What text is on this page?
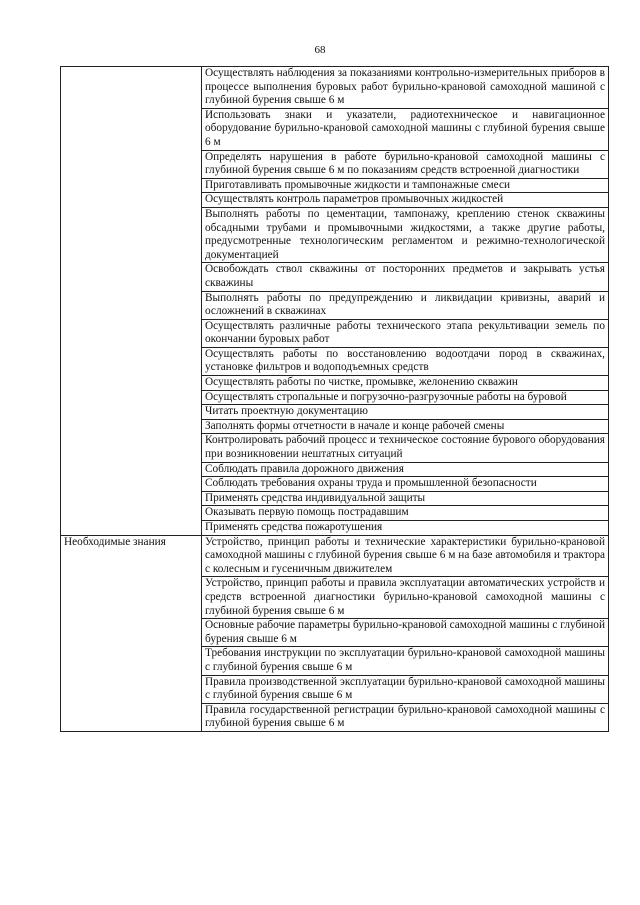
68
	Осуществлять наблюдения за показаниями контрольно-измерительных приборов в процессе выполнения буровых работ бурильно-крановой самоходной машиной с глубиной бурения свыше 6 м
	Использовать знаки и указатели, радиотехническое и навигационное оборудование бурильно-крановой самоходной машины с глубиной бурения свыше 6 м
	Определять нарушения в работе бурильно-крановой самоходной машины с глубиной бурения свыше 6 м по показаниям средств встроенной диагностики
	Приготавливать промывочные жидкости и тампонажные смеси
	Осуществлять контроль параметров промывочных жидкостей
	Выполнять работы по цементации, тампонажу, креплению стенок скважины обсадными трубами и промывочными жидкостями, а также другие работы, предусмотренные технологическим регламентом и режимно-технологической документацией
	Освобождать ствол скважины от посторонних предметов и закрывать устья скважины
	Выполнять работы по предупреждению и ликвидации кривизны, аварий и осложнений в скважинах
	Осуществлять различные работы технического этапа рекультивации земель по окончании буровых работ
	Осуществлять работы по восстановлению водоотдачи пород в скважинах, установке фильтров и водоподъемных средств
	Осуществлять работы по чистке, промывке, желонению скважин
	Осуществлять стропальные и погрузочно-разгрузочные работы на буровой
	Читать проектную документацию
	Заполнять формы отчетности в начале и конце рабочей смены
	Контролировать рабочий процесс и техническое состояние бурового оборудования при возникновении нештатных ситуаций
	Соблюдать правила дорожного движения
	Соблюдать требования охраны труда и промышленной безопасности
	Применять средства индивидуальной защиты
	Оказывать первую помощь пострадавшим
	Применять средства пожаротушения
Необходимые знания	Устройство, принцип работы и технические характеристики бурильно-крановой самоходной машины с глубиной бурения свыше 6 м на базе автомобиля и трактора с колесным и гусеничным движителем
	Устройство, принцип работы и правила эксплуатации автоматических устройств и средств встроенной диагностики бурильно-крановой самоходной машины с глубиной бурения свыше 6 м
	Основные рабочие параметры бурильно-крановой самоходной машины с глубиной бурения свыше 6 м
	Требования инструкции по эксплуатации бурильно-крановой самоходной машины с глубиной бурения свыше 6 м
	Правила производственной эксплуатации бурильно-крановой самоходной машины с глубиной бурения свыше 6 м
	Правила государственной регистрации бурильно-крановой самоходной машины с глубиной бурения свыше 6 м
